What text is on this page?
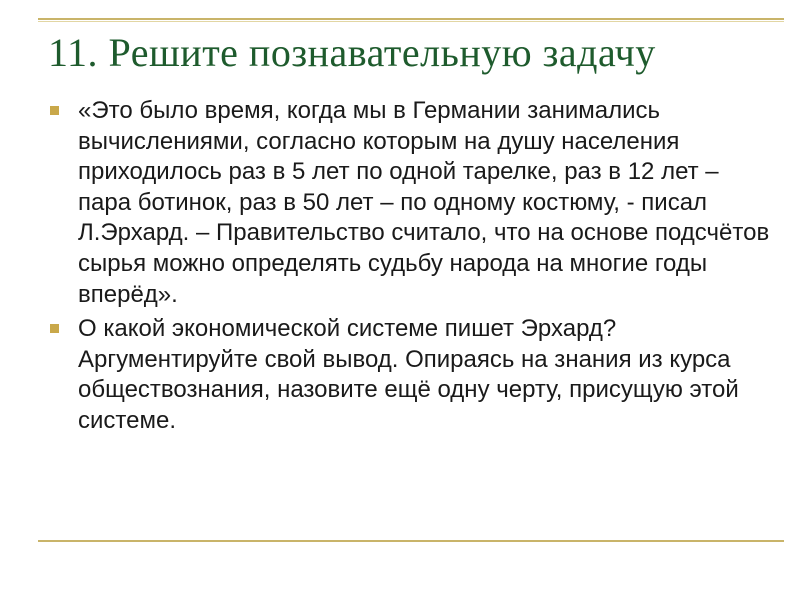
11. Решите познавательную задачу
«Это было время, когда мы в Германии занимались вычислениями, согласно которым на душу населения приходилось раз в 5 лет по одной тарелке, раз в 12 лет – пара ботинок, раз в 50 лет – по одному костюму, - писал Л.Эрхард. – Правительство считало, что на основе подсчётов сырья можно определять судьбу народа на многие годы вперёд».
О какой экономической системе пишет Эрхард? Аргументируйте свой вывод. Опираясь на знания из курса обществознания, назовите ещё одну черту, присущую этой системе.
